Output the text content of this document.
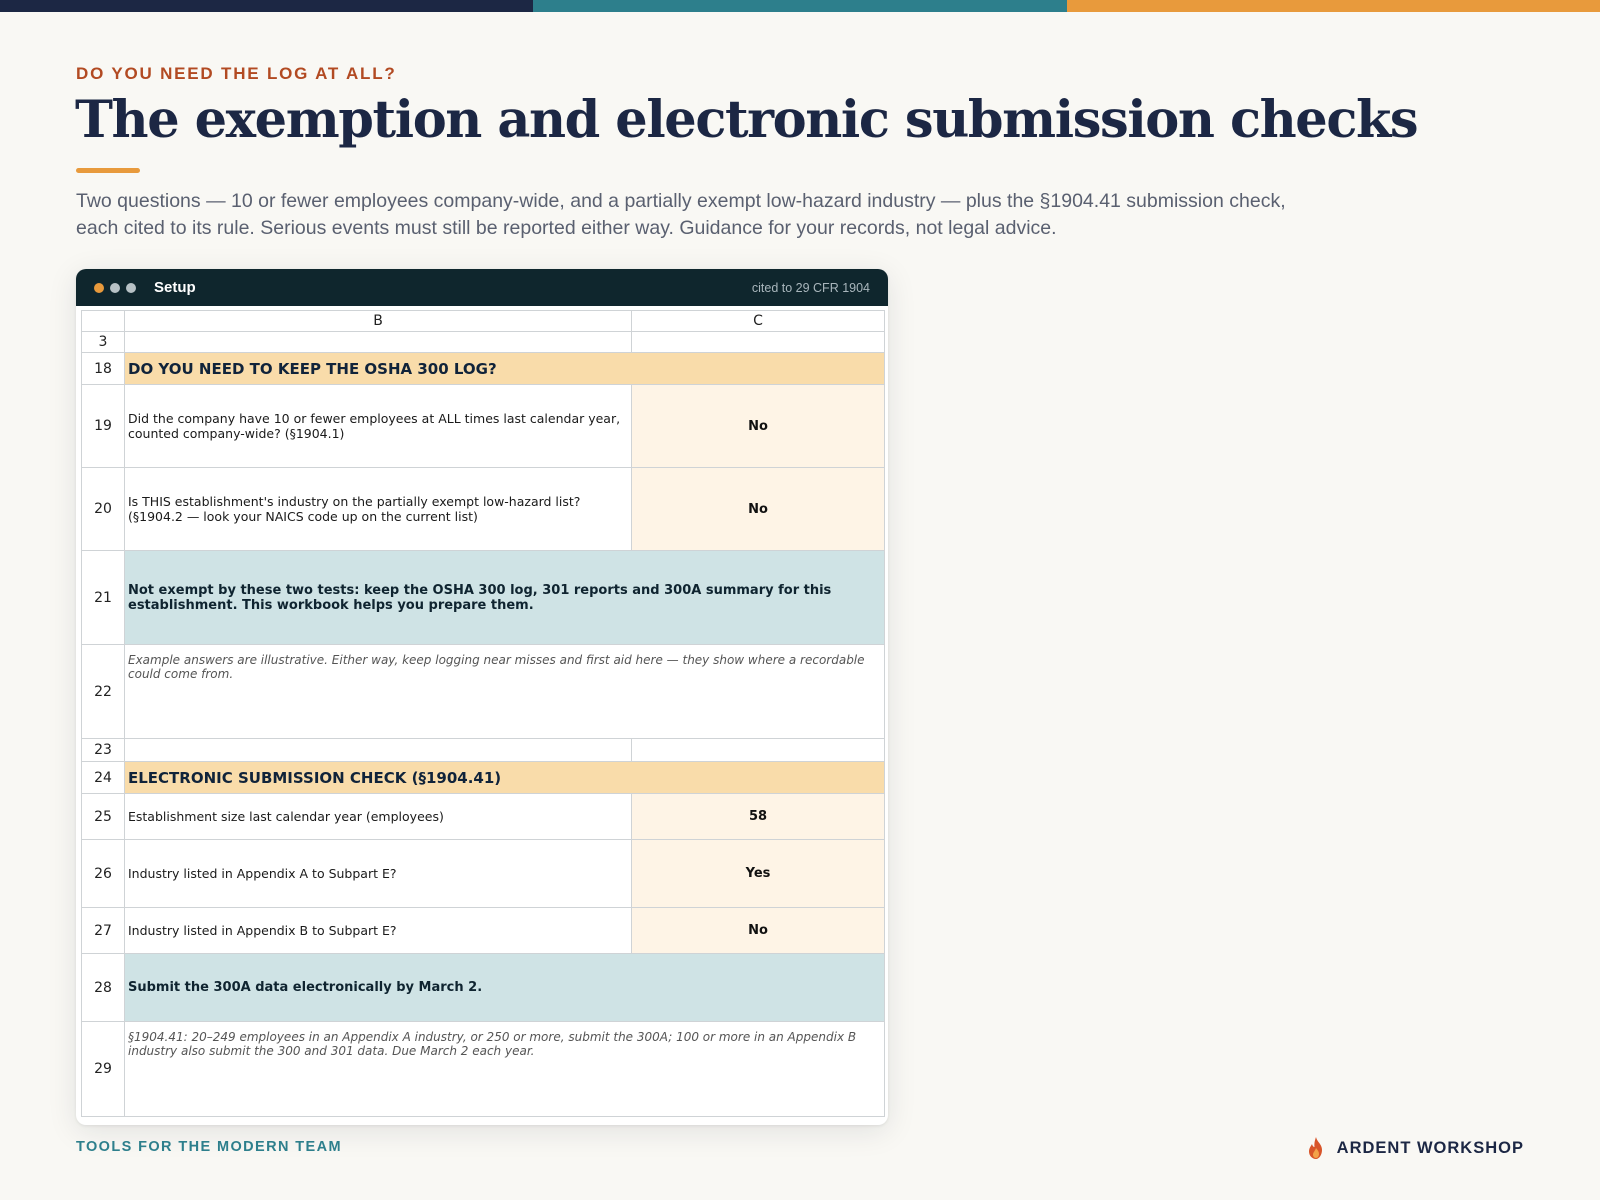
DO YOU NEED THE LOG AT ALL?
The exemption and electronic submission checks
Two questions — 10 or fewer employees company-wide, and a partially exempt low-hazard industry — plus the §1904.41 submission check, each cited to its rule. Serious events must still be reported either way. Guidance for your records, not legal advice.
Setup	cited to 29 CFR 1904
	B	C
3		
18	DO YOU NEED TO KEEP THE OSHA 300 LOG?	
19	Did the company have 10 or fewer employees at ALL times last calendar year, counted company-wide? (§1904.1)	No
20	Is THIS establishment's industry on the partially exempt low-hazard list? (§1904.2 — look your NAICS code up on the current list)	No
21	Not exempt by these two tests: keep the OSHA 300 log, 301 reports and 300A summary for this establishment. This workbook helps you prepare them.	
22	Example answers are illustrative. Either way, keep logging near misses and first aid here — they show where a recordable could come from.	
23		
24	ELECTRONIC SUBMISSION CHECK (§1904.41)	
25	Establishment size last calendar year (employees)	58
26	Industry listed in Appendix A to Subpart E?	Yes
27	Industry listed in Appendix B to Subpart E?	No
28	Submit the 300A data electronically by March 2.	
29	§1904.41: 20–249 employees in an Appendix A industry, or 250 or more, submit the 300A; 100 or more in an Appendix B industry also submit the 300 and 301 data. Due March 2 each year.	
TOOLS FOR THE MODERN TEAM	ARDENT WORKSHOP
